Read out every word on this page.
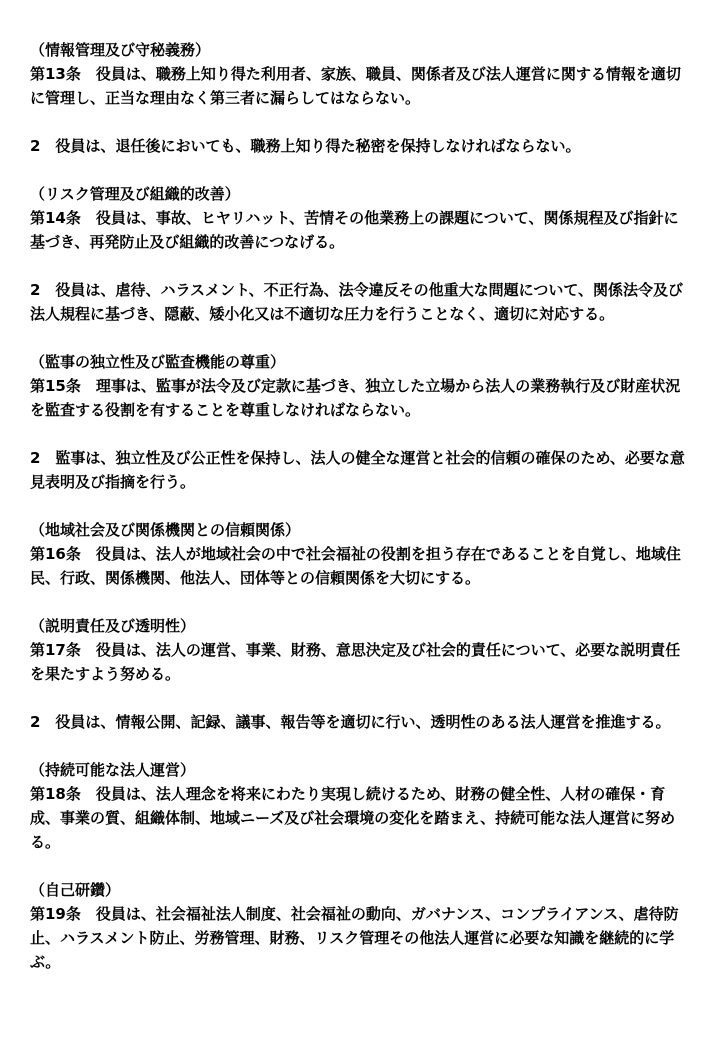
（情報管理及び守秘義務）

第13条　役員は、職務上知り得た利用者、家族、職員、関係者及び法人運営に関する情報を適切に管理し、正当な理由なく第三者に漏らしてはならない。

2　役員は、退任後においても、職務上知り得た秘密を保持しなければならない。

（リスク管理及び組織的改善）

第14条　役員は、事故、ヒヤリハット、苦情その他業務上の課題について、関係規程及び指針に基づき、再発防止及び組織的改善につなげる。

2　役員は、虐待、ハラスメント、不正行為、法令違反その他重大な問題について、関係法令及び法人規程に基づき、隠蔽、矮小化又は不適切な圧力を行うことなく、適切に対応する。

（監事の独立性及び監査機能の尊重）

第15条　理事は、監事が法令及び定款に基づき、独立した立場から法人の業務執行及び財産状況を監査する役割を有することを尊重しなければならない。

2　監事は、独立性及び公正性を保持し、法人の健全な運営と社会的信頼の確保のため、必要な意見表明及び指摘を行う。

（地域社会及び関係機関との信頼関係）

第16条　役員は、法人が地域社会の中で社会福祉の役割を担う存在であることを自覚し、地域住民、行政、関係機関、他法人、団体等との信頼関係を大切にする。

（説明責任及び透明性）

第17条　役員は、法人の運営、事業、財務、意思決定及び社会的責任について、必要な説明責任を果たすよう努める。

2　役員は、情報公開、記録、議事、報告等を適切に行い、透明性のある法人運営を推進する。

（持続可能な法人運営）

第18条　役員は、法人理念を将来にわたり実現し続けるため、財務の健全性、人材の確保・育成、事業の質、組織体制、地域ニーズ及び社会環境の変化を踏まえ、持続可能な法人運営に努める。

（自己研鑽）

第19条　役員は、社会福祉法人制度、社会福祉の動向、ガバナンス、コンプライアンス、虐待防止、ハラスメント防止、労務管理、財務、リスク管理その他法人運営に必要な知識を継続的に学ぶ。
